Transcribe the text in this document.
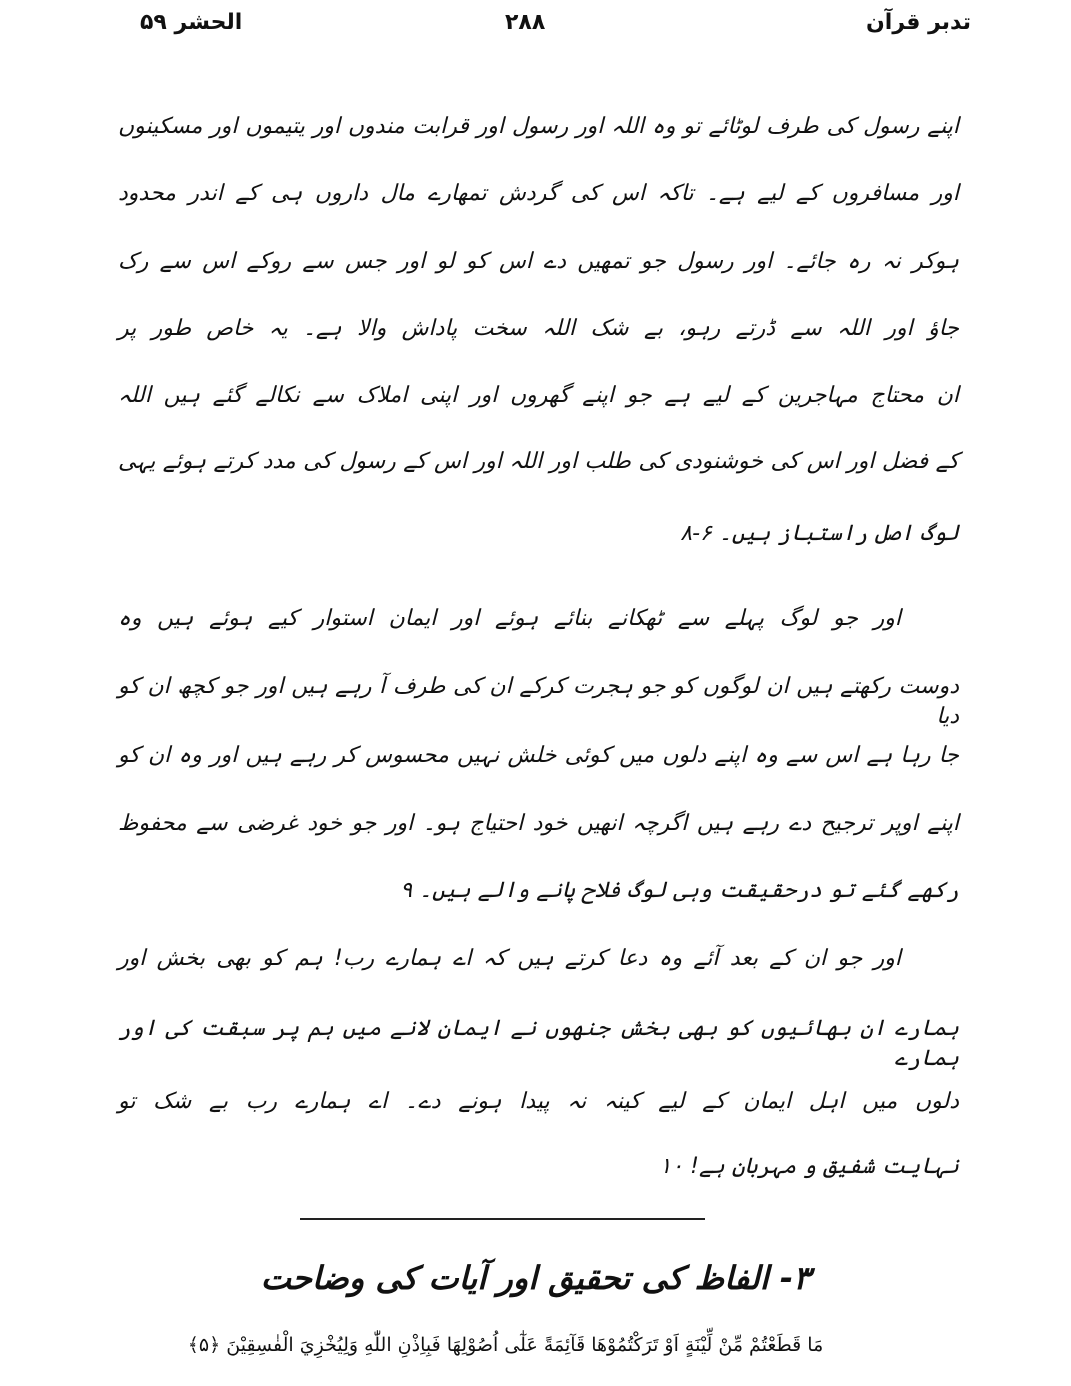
تدبر قرآن
۲۸۸
الحشر ۵۹
اپنے رسول کی طرف لوٹائے تو وہ اللہ اور رسول اور قرابت مندوں اور یتیموں اور مسکینوں
اور مسافروں کے لیے ہے۔ تاکہ اس کی گردش تمھارے مال داروں ہی کے اندر محدود
ہوکر نہ رہ جائے۔ اور رسول جو تمھیں دے اس کو لو اور جس سے روکے اس سے رک
جاؤ اور اللہ سے ڈرتے رہو، بے شک اللہ سخت پاداش والا ہے۔ یہ خاص طور پر
ان محتاج مہاجرین کے لیے ہے جو اپنے گھروں اور اپنی املاک سے نکالے گئے ہیں اللہ
کے فضل اور اس کی خوشنودی کی طلب اور اللہ اور اس کے رسول کی مدد کرتے ہوئے یہی
لوگ اصل راستباز ہیں۔ ۶-۸
اور جو لوگ پہلے سے ٹھکانے بنائے ہوئے اور ایمان استوار کیے ہوئے ہیں وہ
دوست رکھتے ہیں ان لوگوں کو جو ہجرت کرکے ان کی طرف آ رہے ہیں اور جو کچھ ان کو دیا
جا رہا ہے اس سے وہ اپنے دلوں میں کوئی خلش نہیں محسوس کر رہے ہیں اور وہ ان کو
اپنے اوپر ترجیح دے رہے ہیں اگرچہ انھیں خود احتیاج ہو۔ اور جو خود غرضی سے محفوظ
رکھے گئے تو درحقیقت وہی لوگ فلاح پانے والے ہیں۔ ۹
اور جو ان کے بعد آئے وہ دعا کرتے ہیں کہ اے ہمارے رب! ہم کو بھی بخش اور
ہمارے ان بھائیوں کو بھی بخش جنھوں نے ایمان لانے میں ہم پر سبقت کی اور ہمارے
دلوں میں اہل ایمان کے لیے کینہ نہ پیدا ہونے دے۔ اے ہمارے رب بے شک تو
نہایت شفیق و مہربان ہے! ۱۰
۳- الفاظ کی تحقیق اور آیات کی وضاحت
مَا قَطَعْتُمْ مِّنْ لِّيْنَةٍ اَوْ تَرَكْتُمُوْهَا قَآئِمَةً عَلٰٓى اُصُوْلِهَا فَبِاِذْنِ اللّٰهِ وَلِيُخْزِيَ الْفٰسِقِيْنَ ﴿۵﴾
